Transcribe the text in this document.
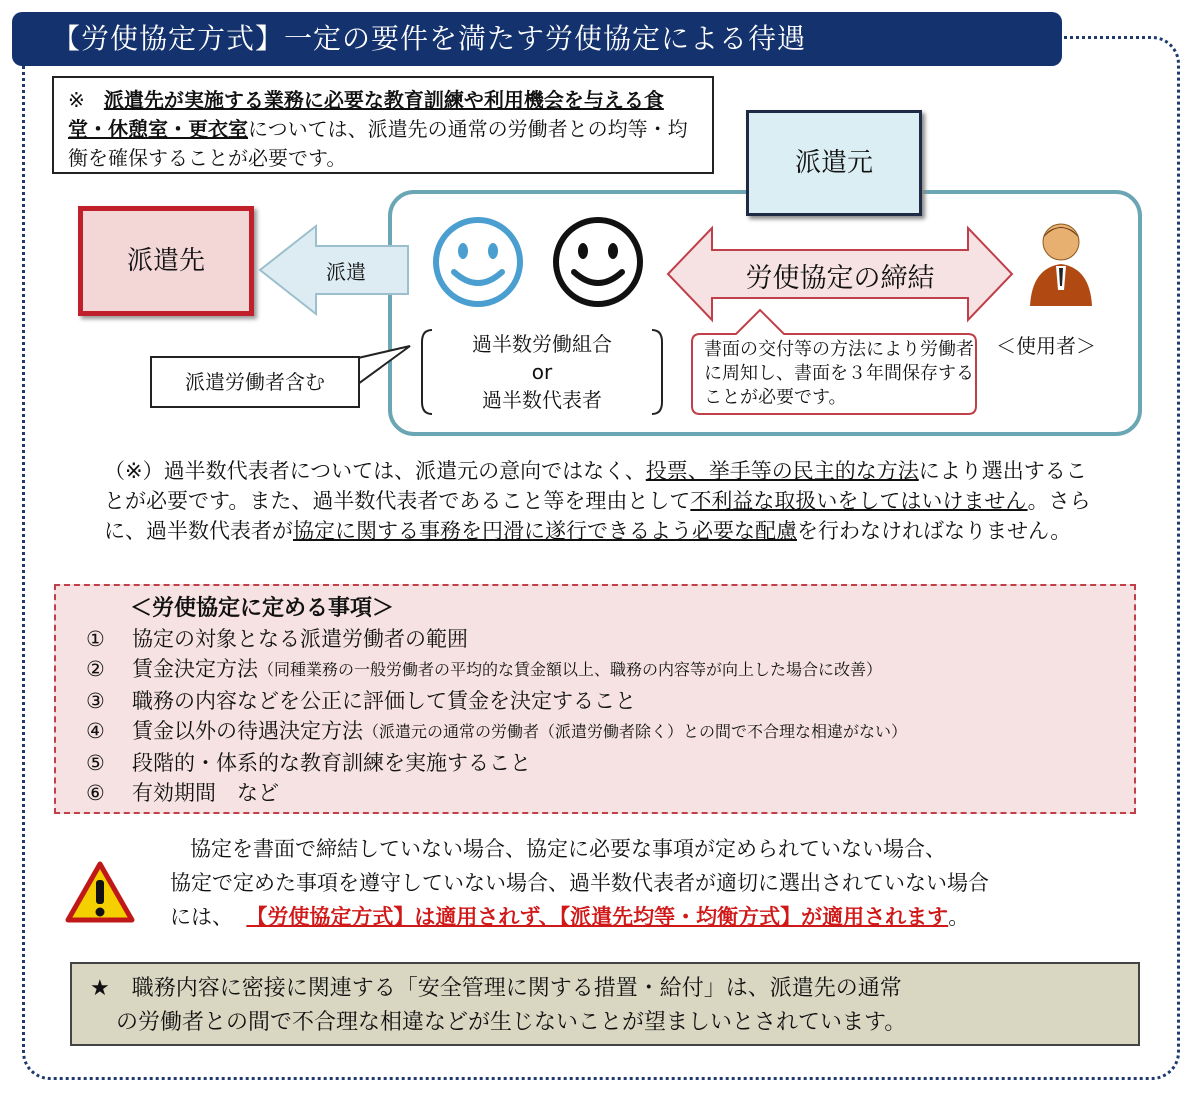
【労使協定方式】一定の要件を満たす労使協定による待遇
※ 派遣先が実施する業務に必要な教育訓練や利用機会を与える食堂・休憩室・更衣室については、派遣先の通常の労働者との均等・均衡を確保することが必要です。	派遣元
派遣先	派遣
派遣労働者含む
過半数労働組合
or
過半数代表者
労使協定の締結
書面の交付等の方法により労働者に周知し、書面を３年間保存することが必要です。
＜使用者＞
（※）過半数代表者については、派遣元の意向ではなく、投票、挙手等の民主的な方法により選出することが必要です。また、過半数代表者であること等を理由として不利益な取扱いをしてはいけません。さらに、過半数代表者が協定に関する事務を円滑に遂行できるよう必要な配慮を行わなければなりません。
＜労使協定に定める事項＞
①	協定の対象となる派遣労働者の範囲
②	賃金決定方法 （同種業務の一般労働者の平均的な賃金額以上、職務の内容等が向上した場合に改善）
③	職務の内容などを公正に評価して賃金を決定すること
④	賃金以外の待遇決定方法 （派遣元の通常の労働者（派遣労働者除く）との間で不合理な相違がない）
⑤	段階的・体系的な教育訓練を実施すること
⑥	有効期間　など
協定を書面で締結していない場合、協定に必要な事項が定められていない場合、
協定で定めた事項を遵守していない場合、過半数代表者が適切に選出されていない場合
には、 【労使協定方式】は適用されず、【派遣先均等・均衡方式】が適用されます。
★　職務内容に密接に関連する「安全管理に関する措置・給付」は、派遣先の通常
の労働者との間で不合理な相違などが生じないことが望ましいとされています。
